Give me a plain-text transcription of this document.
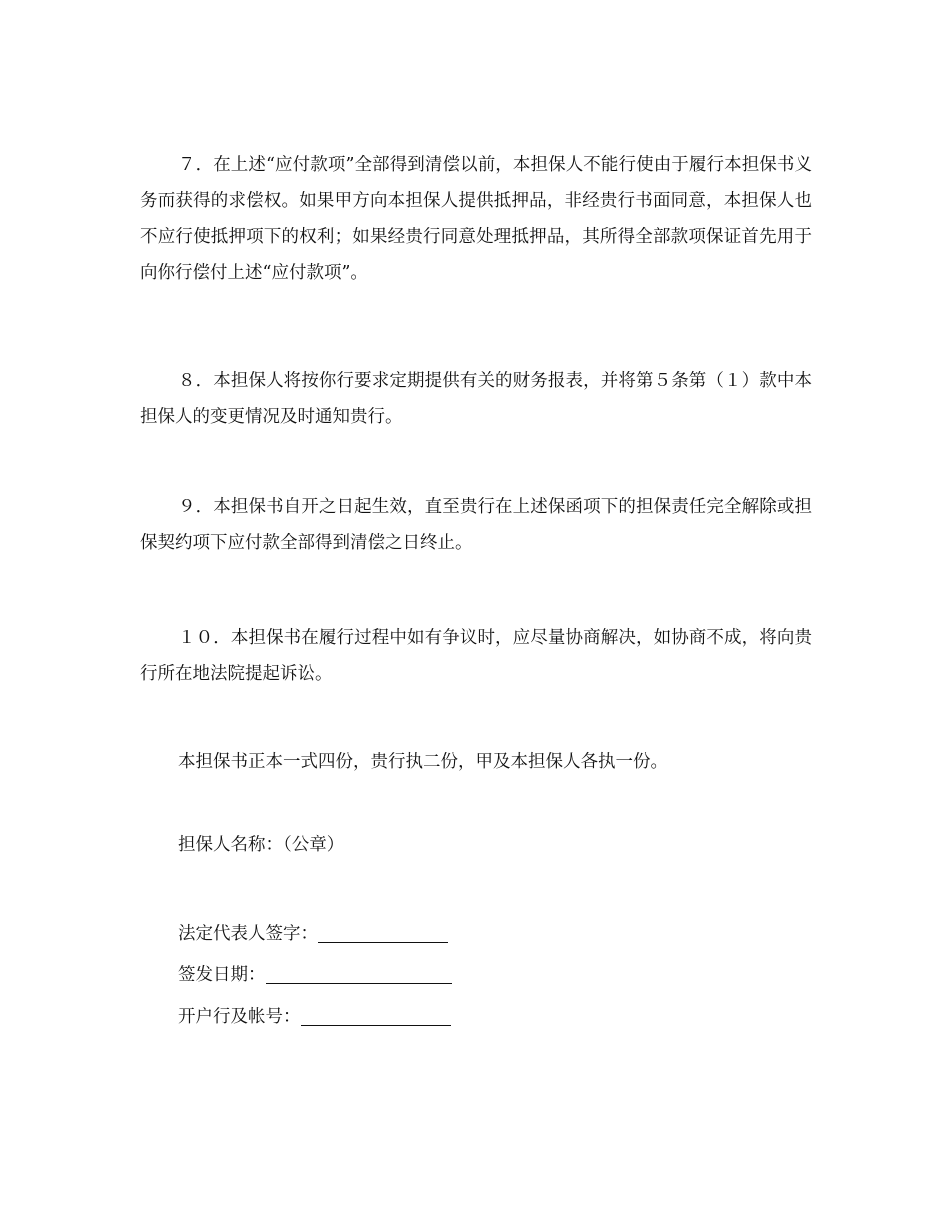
７．在上述“应付款项”全部得到清偿以前，本担保人不能行使由于履行本担保书义务而获得的求偿权。如果甲方向本担保人提供抵押品，非经贵行书面同意，本担保人也不应行使抵押项下的权利；如果经贵行同意处理抵押品，其所得全部款项保证首先用于向你行偿付上述“应付款项”。

８．本担保人将按你行要求定期提供有关的财务报表，并将第５条第（１）款中本担保人的变更情况及时通知贵行。

９．本担保书自开之日起生效，直至贵行在上述保函项下的担保责任完全解除或担保契约项下应付款全部得到清偿之日终止。

１０．本担保书在履行过程中如有争议时，应尽量协商解决，如协商不成，将向贵行所在地法院提起诉讼。

本担保书正本一式四份，贵行执二份，甲及本担保人各执一份。

担保人名称：（公章）

法定代表人签字：
签发日期：
开户行及帐号：
